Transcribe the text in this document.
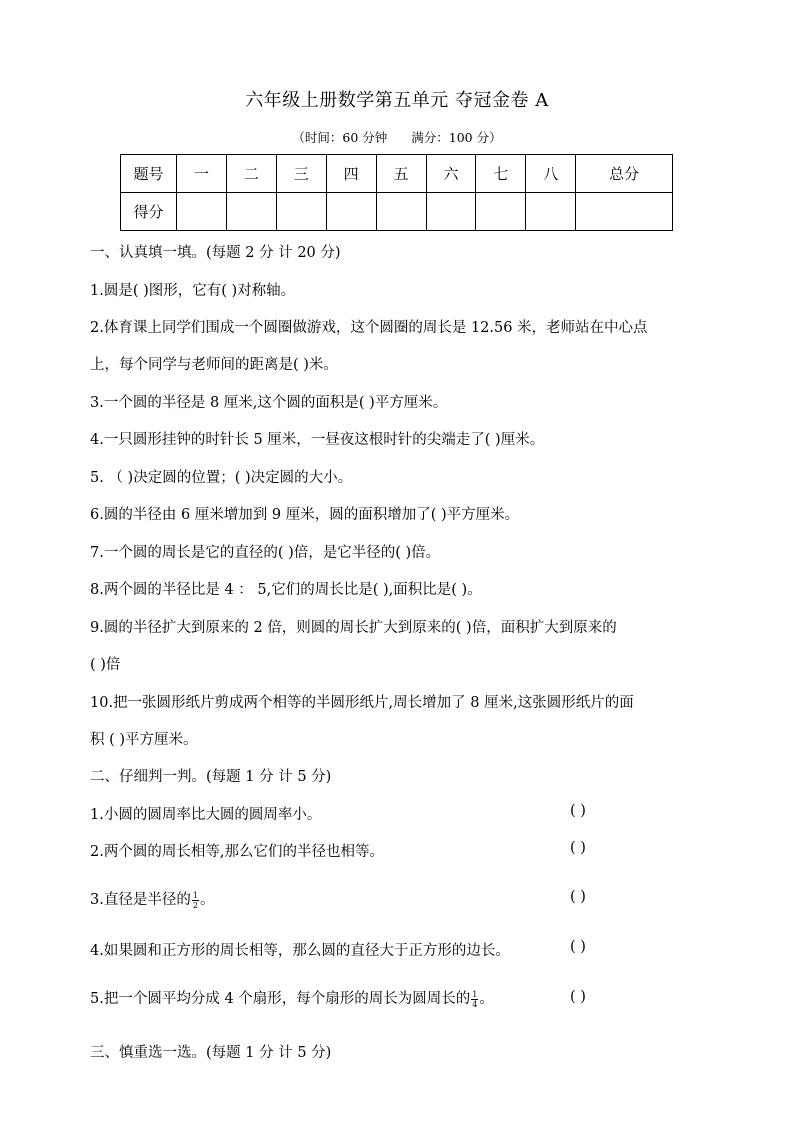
六年级上册数学第五单元 夺冠金卷 A
（时间：60 分钟 满分：100 分）
题号	一	二	三	四	五	六	七	八	总分
得分									
一、认真填一填。(每题 2 分 计 20 分)
1.圆是( )图形，它有( )对称轴。
2.体育课上同学们围成一个圆圈做游戏，这个圆圈的周长是 12.56 米，老师站在中心点
上，每个同学与老师间的距离是( )米。
3.一个圆的半径是 8 厘米,这个圆的面积是( )平方厘米。
4.一只圆形挂钟的时针长 5 厘米，一昼夜这根时针的尖端走了( )厘米。
5. （ )决定圆的位置；( )决定圆的大小。
6.圆的半径由 6 厘米增加到 9 厘米，圆的面积增加了( )平方厘米。
7.一个圆的周长是它的直径的( )倍，是它半径的( )倍。
8.两个圆的半径比是 4 ： 5,它们的周长比是( ),面积比是( )。
9.圆的半径扩大到原来的 2 倍，则圆的周长扩大到原来的( )倍，面积扩大到原来的
( )倍
10.把一张圆形纸片剪成两个相等的半圆形纸片,周长增加了 8 厘米,这张圆形纸片的面
积 ( )平方厘米。
二、仔细判一判。(每题 1 分 计 5 分)
1.小圆的圆周率比大圆的圆周率小。	( )
2.两个圆的周长相等,那么它们的半径也相等。	( )
3.直径是半径的 $\frac{1}{2}$ 。	( )
4.如果圆和正方形的周长相等，那么圆的直径大于正方形的边长。	( )
5.把一个圆平均分成 4 个扇形，每个扇形的周长为圆周长的 $\frac{1}{4}$ 。	( )
三、慎重选一选。(每题 1 分 计 5 分)
